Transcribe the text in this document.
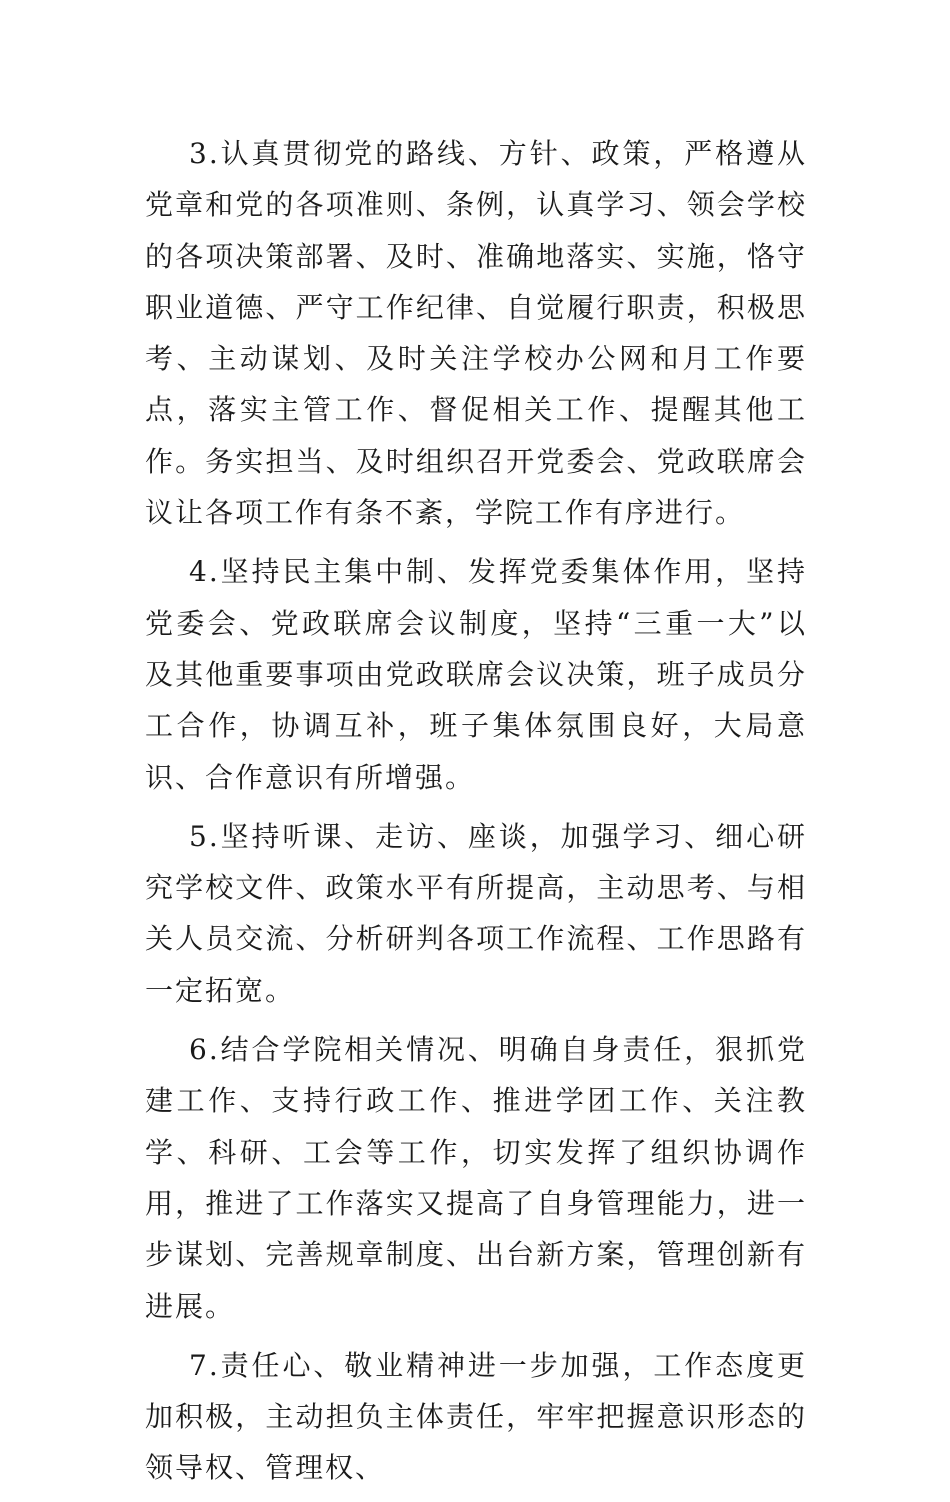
3.认真贯彻党的路线、方针、政策，严格遵从党章和党的各项准则、条例，认真学习、领会学校的各项决策部署、及时、准确地落实、实施，恪守职业道德、严守工作纪律、自觉履行职责，积极思考、主动谋划、及时关注学校办公网和月工作要点，落实主管工作、督促相关工作、提醒其他工作。务实担当、及时组织召开党委会、党政联席会议让各项工作有条不紊，学院工作有序进行。

4.坚持民主集中制、发挥党委集体作用，坚持党委会、党政联席会议制度，坚持“三重一大”以及其他重要事项由党政联席会议决策，班子成员分工合作，协调互补，班子集体氛围良好，大局意识、合作意识有所增强。

5.坚持听课、走访、座谈，加强学习、细心研究学校文件、政策水平有所提高，主动思考、与相关人员交流、分析研判各项工作流程、工作思路有一定拓宽。

6.结合学院相关情况、明确自身责任，狠抓党建工作、支持行政工作、推进学团工作、关注教学、科研、工会等工作，切实发挥了组织协调作用，推进了工作落实又提高了自身管理能力，进一步谋划、完善规章制度、出台新方案，管理创新有进展。

7.责任心、敬业精神进一步加强，工作态度更加积极，主动担负主体责任，牢牢把握意识形态的领导权、管理权、
